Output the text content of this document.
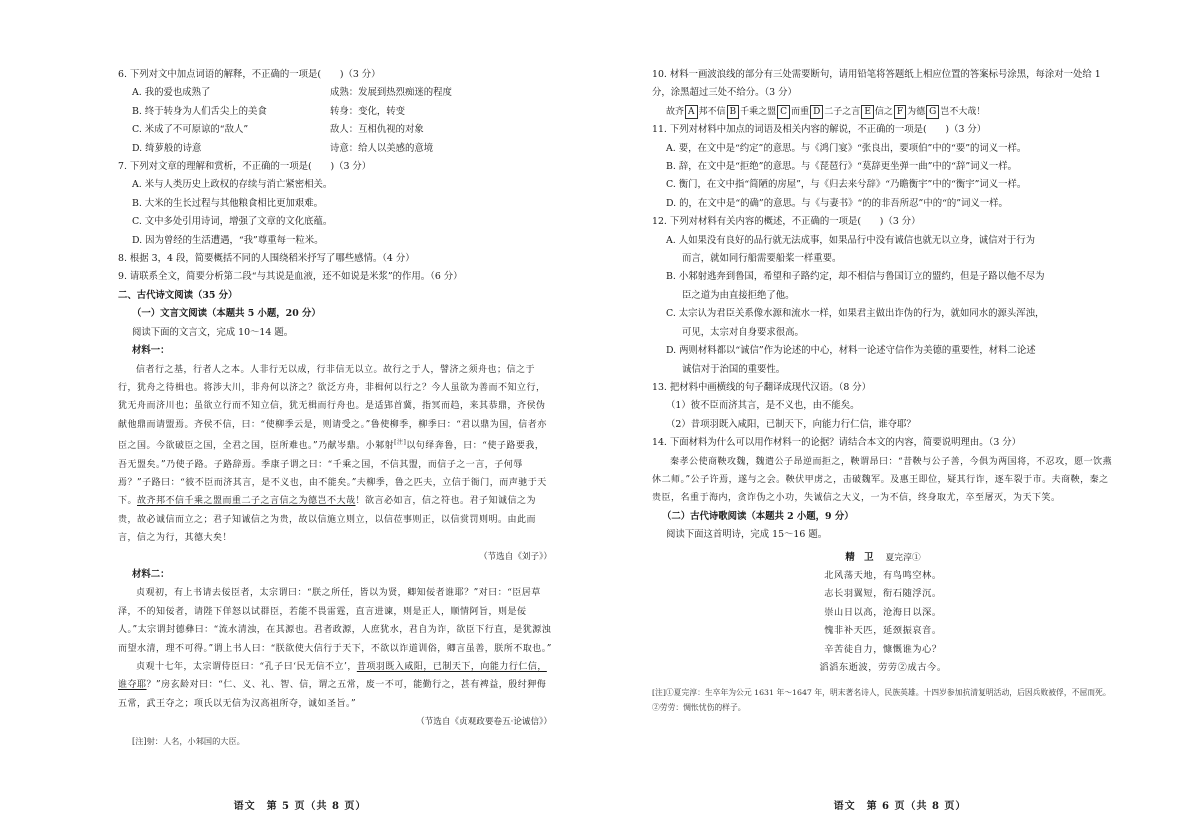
6. 下列对文中加点词语的解释，不正确的一项是(　　)（3 分）
A. 我的爱也成熟了	成熟：发展到热烈痴迷的程度
B. 终于转身为人们舌尖上的美食	转身：变化，转变
C. 米成了不可原谅的“敌人”	敌人：互相仇视的对象
D. 绮萝般的诗意	诗意：给人以美感的意境
7. 下列对文章的理解和赏析，不正确的一项是(　　)（3 分）
A. 米与人类历史上政权的存续与消亡紧密相关。
B. 大米的生长过程与其他粮食相比更加艰难。
C. 文中多处引用诗词，增强了文章的文化底蕴。
D. 因为曾经的生活遭遇，“我”尊重每一粒米。
8. 根据 3，4 段，简要概括不同的人围绕稻米抒写了哪些感情。（4 分）
9. 请联系全文，简要分析第二段“与其说是血液，还不如说是米浆”的作用。（6 分）
二、古代诗文阅读（35 分）
（一）文言文阅读（本题共 5 小题，20 分）
阅读下面的文言文，完成 10～14 题。
材料一：

信者行之基，行者人之本。人非行无以成，行非信无以立。故行之于人，譬济之须舟也；信之于行，犹舟之待楫也。将涉大川，非舟何以济之？欲泛方舟，非楫何以行之？今人虽欲为善而不知立行，犹无舟而济川也；虽欲立行而不知立信，犹无楫而行舟也。是适郢首冀，指冥而趋，来其恭鼎，齐侯伪献他鼎而请盟焉。齐侯不信，曰：“使柳季云是，则请受之。”鲁使柳季，柳季曰：“君以鼎为国，信者亦臣之国。今欲破臣之国，全君之国，臣所难也。”乃献岑鼎。小邾射[注]以句绎奔鲁，曰：“使子路要我，吾无盟矣。”乃使子路。子路辞焉。季康子谓之曰：“千乘之国，不信其盟，而信子之一言，子何辱焉？”子路曰：“彼不臣而济其言，是不义也，由不能矣。”夫柳季，鲁之匹夫，立信于衙门，而声驰于天下。故齐邦不信千乘之盟而重二子之言信之为德岂不大哉！欲言必如言，信之符也。君子知诚信之为贵，故必诚信而立之；君子知诚信之为贵，故以信施立则立，以信莅事则正，以信赏罚则明。由此而言，信之为行，其德大矣！

（节选自《刘子》）
材料二：

贞观初，有上书请去佞臣者，太宗谓曰：“朕之所任，皆以为贤，卿知佞者谁耶？”对曰：“臣居草泽，不的知佞者，请陛下佯怒以试群臣，若能不畏雷霆，直言进谏，则是正人，顺情阿旨，则是佞人。”太宗谓封德彝曰：“流水清浊，在其源也。君者政源，人庶犹水，君自为诈，欲臣下行直，是犹源浊而望水清，理不可得。”谓上书人曰：“朕欲使大信行于天下，不欲以诈道训俗，卿言虽善，朕所不取也。”

贞观十七年，太宗谓侍臣曰：“孔子曰‘民无信不立’，昔项羽既入咸阳，已制天下，向能力行仁信，谁夺耶？”房玄龄对曰：“仁、义、礼、智、信，谓之五常，废一不可，能勤行之，甚有裨益，殷纣狎侮五常，武王夺之；项氏以无信为汉高祖所夺，诚如圣旨。”

（节选自《贞观政要卷五·论诚信》）
[注]射：人名，小邾国的大臣。
语文　第 5 页（共 8 页）
10. 材料一画波浪线的部分有三处需要断句，请用铅笔将答题纸上相应位置的答案标号涂黑，每涂对一处给 1 分，涂黑超过三处不给分。（3 分）
故齐 A 邦不信 B 千乘之盟 C 而重 D 二子之言 E 信之 F 为德 G 岂不大哉！
11. 下列对材料中加点的词语及相关内容的解说，不正确的一项是(　　)（3 分）
A. 要，在文中是“约定”的意思。与《鸿门宴》“张良出，要项伯”中的“要”的词义一样。
B. 辞，在文中是“拒绝”的意思。与《琵琶行》“莫辞更坐弹一曲”中的“辞”词义一样。
C. 衡门，在文中指“简陋的房屋”，与《归去来兮辞》“乃瞻衡宇”中的“衡宇”词义一样。
D. 的，在文中是“的确”的意思。与《与妻书》“的的非吾所忍”中的“的”词义一样。
12. 下列对材料有关内容的概述，不正确的一项是(　　)（3 分）
A. 人如果没有良好的品行就无法成事，如果品行中没有诚信也就无以立身，诚信对于行为
而言，就如同行船需要船桨一样重要。
B. 小邾射逃奔到鲁国，希望和子路约定，却不相信与鲁国订立的盟约，但是子路以他不尽为
臣之道为由直接拒绝了他。
C. 太宗认为君臣关系像水源和流水一样，如果君主做出诈伪的行为，就如同水的源头浑浊，
可见，太宗对自身要求很高。
D. 两则材料都以“诚信”作为论述的中心，材料一论述守信作为美德的重要性，材料二论述
诚信对于治国的重要性。
13. 把材料中画横线的句子翻译成现代汉语。（8 分）
（1）彼不臣而济其言，是不义也，由不能矣。
（2）昔项羽既入咸阳，已制天下，向能力行仁信，谁夺耶？
14. 下面材料为什么可以用作材料一的论据？请结合本文的内容，简要说明理由。（3 分）

秦孝公使商鞅攻魏，魏遣公子昂逆而拒之，鞅谓昂曰：“昔鞅与公子善，今俱为两国将，不忍攻，愿一饮燕休二师。”公子许焉，遂与之会。鞅伏甲虏之，击破魏军。及惠王即位，疑其行诈，逐车裂于市。夫商鞅，秦之贵臣，名重于海内，贪诈伪之小功，失诚信之大义，一为不信，终身取尤，卒至屠灭，为天下笑。

（二）古代诗歌阅读（本题共 2 小题，9 分）
阅读下面这首明诗，完成 15～16 题。
精　卫 夏完淳①
北风荡天地，有鸟鸣空林。
志长羽翼短，衔石随浮沉。
崇山日以高，沧海日以深。
愧非补天匹，延颈振哀音。
辛苦徒自力，慷慨谁为心？
滔滔东逝波，劳劳②成古今。

[注]①夏完淳：生卒年为公元 1631 年～1647 年，明末著名诗人，民族英雄。十四岁参加抗清复明活动，后因兵败被俘，不屈而死。②劳劳：惆怅忧伤的样子。

语文　第 6 页（共 8 页）
